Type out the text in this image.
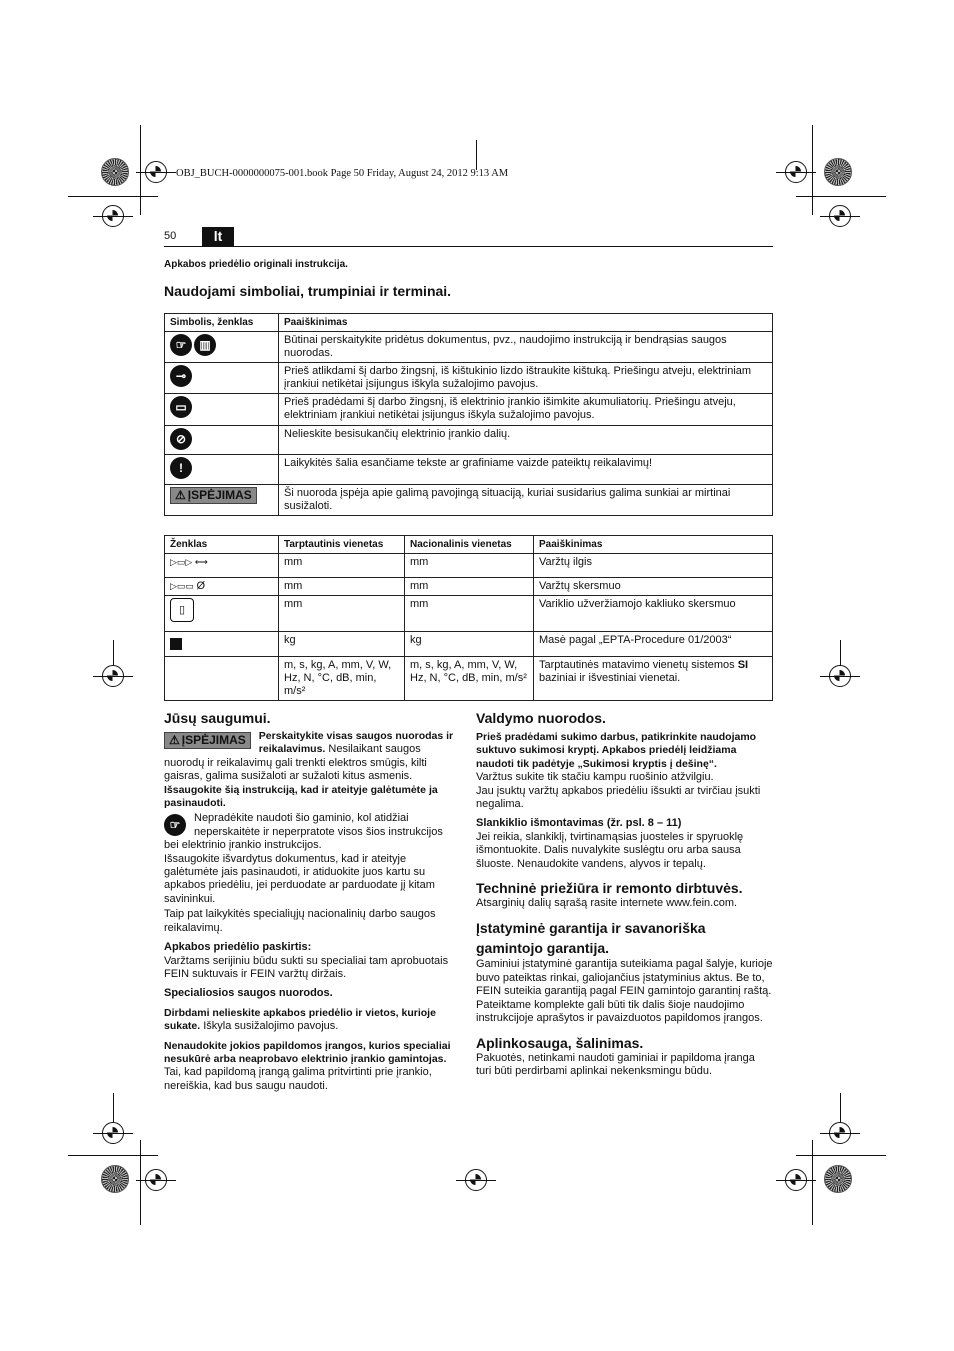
OBJ_BUCH-0000000075-001.book Page 50 Friday, August 24, 2012 9:13 AM
50	lt
Apkabos priedėlio originali instrukcija.
Naudojami simboliai, trumpiniai ir terminai.
Simbolis, ženklas	Paaiškinimas
☞ ▥	Būtinai perskaitykite pridėtus dokumentus, pvz., naudojimo instrukciją ir bendrąsias saugos nuorodas.
⊸	Prieš atlikdami šį darbo žingsnį, iš kištukinio lizdo ištraukite kištuką. Priešingu atveju, elektriniam įrankiui netikėtai įsijungus iškyla sužalojimo pavojus.
▭	Prieš pradėdami šį darbo žingsnį, iš elektrinio įrankio išimkite akumuliatorių. Priešingu atveju, elektriniam įrankiui netikėtai įsijungus iškyla sužalojimo pavojus.
⊘	Nelieskite besisukančių elektrinio įrankio dalių.
!	Laikykitės šalia esančiame tekste ar grafiniame vaizde pateiktų reikalavimų!

⚠ ĮSPĖJIMAS	Ši nuoroda įspėja apie galimą pavojingą situaciją, kuriai susidarius galima sunkiai ar mirtinai susižaloti.
Ženklas	Tarptautinis vienetas	Nacionalinis vienetas	Paaiškinimas
▷▭▷ ⟷	mm	mm	Varžtų ilgis
▷▭▭ Ø	mm	mm	Varžtų skersmuo
▯	mm	mm	Variklio užveržiamojo kakliuko skersmuo
	kg	kg	Masė pagal „EPTA-Procedure 01/2003“
	m, s, kg, A, mm, V, W, Hz, N, °C, dB, min, m/s²	m, s, kg, A, mm, V, W, Hz, N, °C, dB, min, m/s²	Tarptautinės matavimo vienetų sistemos SI baziniai ir išvestiniai vienetai.

Jūsų saugumui.

⚠ ĮSPĖJIMAS Perskaitykite visas saugos nuorodas ir reikalavimus. Nesilaikant saugos nuorodų ir reikalavimų gali trenkti elektros smūgis, kilti gaisras, galima susižaloti ar sužaloti kitus asmenis.

Išsaugokite šią instrukciją, kad ir ateityje galėtumėte ja pasinaudoti.

☞	Nepradėkite naudoti šio gaminio, kol atidžiai neperskaitėte ir neperpratote visos šios instrukcijos bei elektrinio įrankio instrukcijos.

Išsaugokite išvardytus dokumentus, kad ir ateityje galėtumėte jais pasinaudoti, ir atiduokite juos kartu su apkabos priedėliu, jei perduodate ar parduodate jį kitam savininkui.

Taip pat laikykitės specialiųjų nacionalinių darbo saugos reikalavimų.

Apkabos priedėlio paskirtis:

Varžtams serijiniu būdu sukti su specialiai tam aprobuotais FEIN suktuvais ir FEIN varžtų diržais.

Specialiosios saugos nuorodos.

Dirbdami nelieskite apkabos priedėlio ir vietos, kurioje sukate. Iškyla susižalojimo pavojus.

Nenaudokite jokios papildomos įrangos, kurios specialiai nesukūrė arba neaprobavo elektrinio įrankio gamintojas. Tai, kad papildomą įrangą galima pritvirtinti prie įrankio, nereiškia, kad bus saugu naudoti.

Valdymo nuorodos.

Prieš pradėdami sukimo darbus, patikrinkite naudojamo suktuvo sukimosi kryptį. Apkabos priedėlį leidžiama naudoti tik padėtyje „Sukimosi kryptis į dešinę“.

Varžtus sukite tik stačiu kampu ruošinio atžvilgiu.

Jau įsuktų varžtų apkabos priedėliu išsukti ar tvirčiau įsukti negalima.

Slankiklio išmontavimas (žr. psl. 8 – 11)

Jei reikia, slankiklį, tvirtinamąsias juosteles ir spyruoklę išmontuokite. Dalis nuvalykite suslėgtu oru arba sausa šluoste. Nenaudokite vandens, alyvos ir tepalų.

Techninė priežiūra ir remonto dirbtuvės.

Atsarginių dalių sąrašą rasite internete www.fein.com.

Įstatyminė garantija ir savanoriška gamintojo garantija.

Gaminiui įstatyminė garantija suteikiama pagal šalyje, kurioje buvo pateiktas rinkai, galiojančius įstatyminius aktus. Be to, FEIN suteikia garantiją pagal FEIN gamintojo garantinį raštą.

Pateiktame komplekte gali būti tik dalis šioje naudojimo instrukcijoje aprašytos ir pavaizduotos papildomos įrangos.

Aplinkosauga, šalinimas.

Pakuotės, netinkami naudoti gaminiai ir papildoma įranga turi būti perdirbami aplinkai nekenksmingu būdu.
